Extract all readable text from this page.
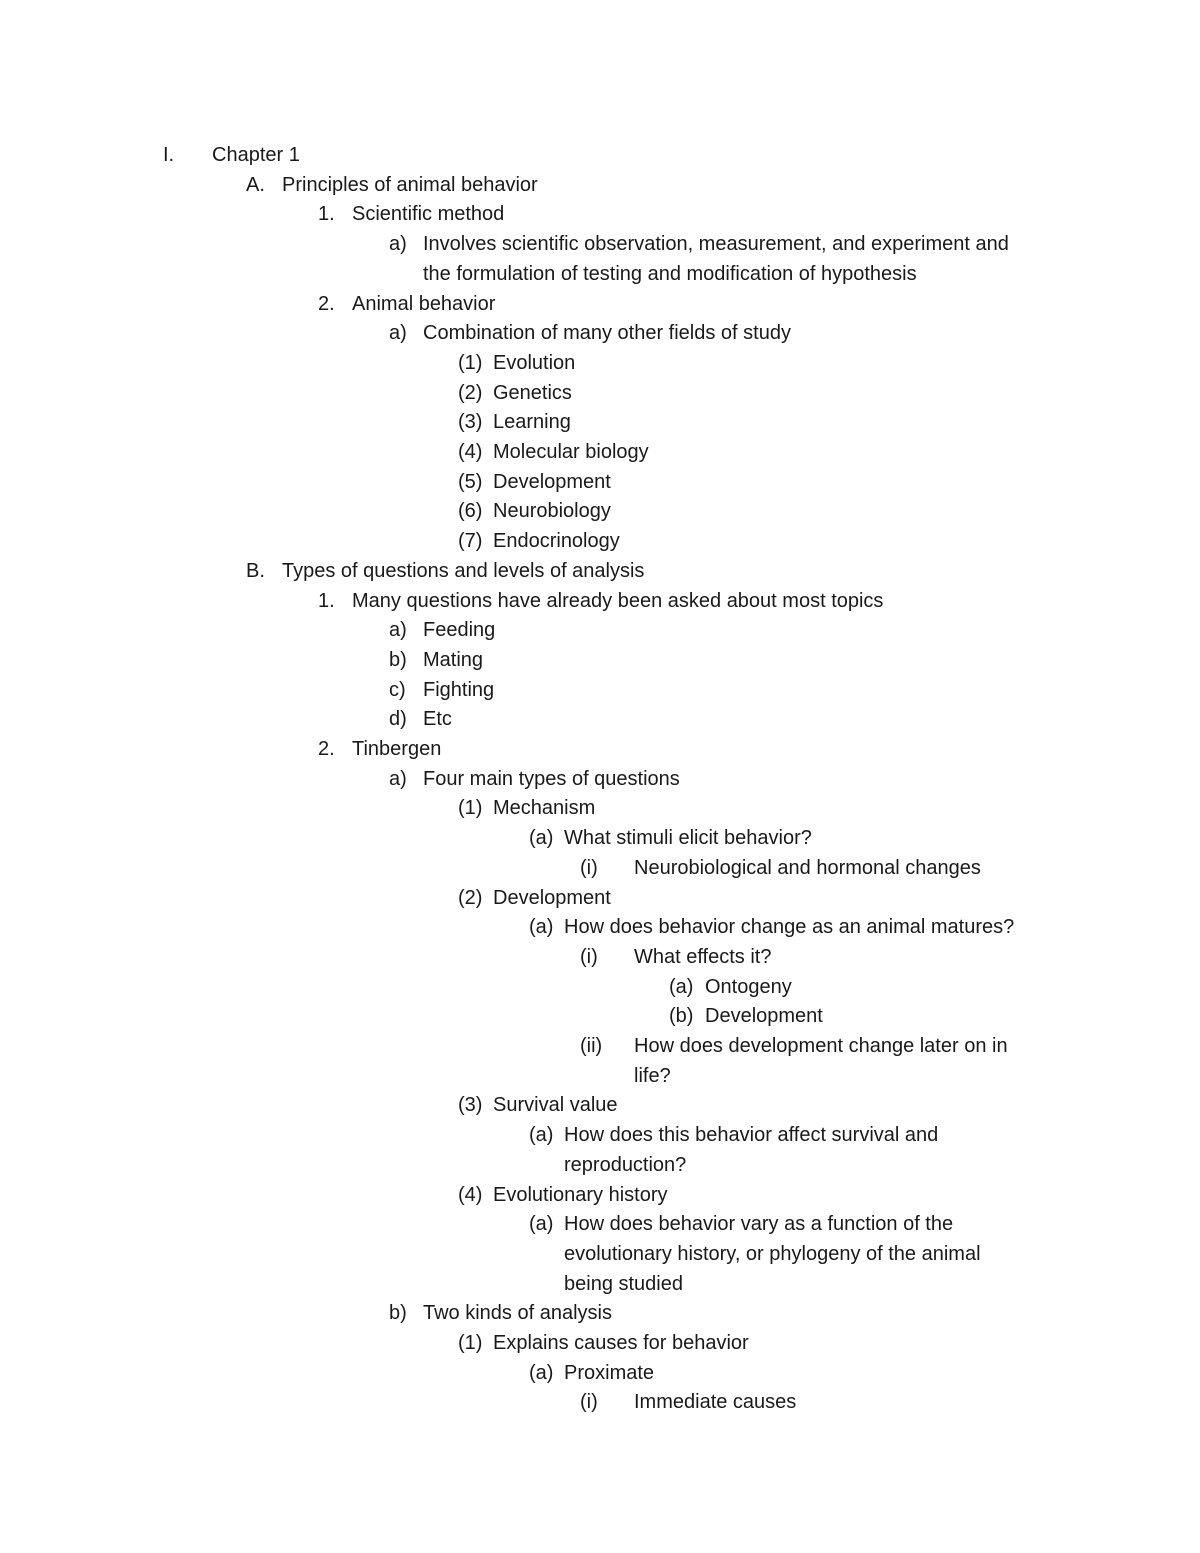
I. Chapter 1
A. Principles of animal behavior
1. Scientific method
a) Involves scientific observation, measurement, and experiment and
the formulation of testing and modification of hypothesis
2. Animal behavior
a) Combination of many other fields of study
(1) Evolution
(2) Genetics
(3) Learning
(4) Molecular biology
(5) Development
(6) Neurobiology
(7) Endocrinology
B. Types of questions and levels of analysis
1. Many questions have already been asked about most topics
a) Feeding
b) Mating
c) Fighting
d) Etc
2. Tinbergen
a) Four main types of questions
(1) Mechanism
(a) What stimuli elicit behavior?
(i) Neurobiological and hormonal changes
(2) Development
(a) How does behavior change as an animal matures?
(i) What effects it?
(a) Ontogeny
(b) Development
(ii) How does development change later on in
life?
(3) Survival value
(a) How does this behavior affect survival and
reproduction?
(4) Evolutionary history
(a) How does behavior vary as a function of the
evolutionary history, or phylogeny of the animal
being studied
b) Two kinds of analysis
(1) Explains causes for behavior
(a) Proximate
(i) Immediate causes
